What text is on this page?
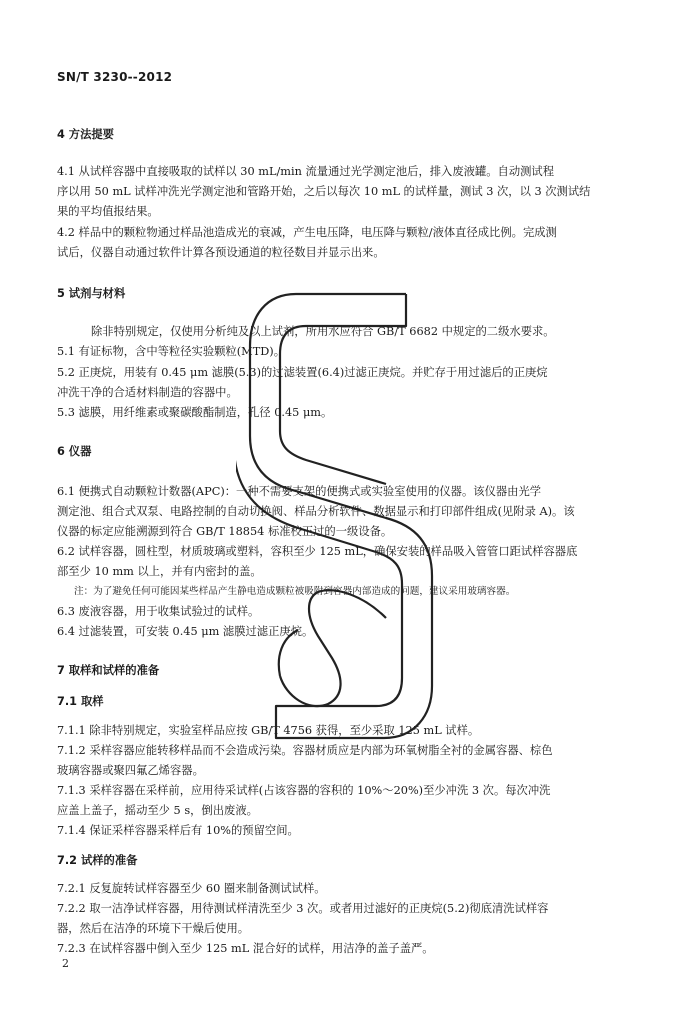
SN/T 3230--2012
4 方法提要
4.1 从试样容器中直接吸取的试样以 30 mL/min 流量通过光学测定池后，排入废液罐。自动测试程
序以用 50 mL 试样冲洗光学测定池和管路开始，之后以每次 10 mL 的试样量，测试 3 次，以 3 次测试结
果的平均值报结果。
4.2 样品中的颗粒物通过样品池造成光的衰减，产生电压降，电压降与颗粒/液体直径成比例。完成测
试后，仪器自动通过软件计算各预设通道的粒径数目并显示出来。
5 试剂与材料
除非特别规定，仅使用分析纯及以上试剂，所用水应符合 GB/T 6682 中规定的二级水要求。
5.1 有证标物，含中等粒径实验颗粒(MTD)。
5.2 正庚烷，用装有 0.45 μm 滤膜(5.3)的过滤装置(6.4)过滤正庚烷。并贮存于用过滤后的正庚烷
冲洗干净的合适材料制造的容器中。
5.3 滤膜，用纤维素或聚碳酸酯制造，孔径 0.45 μm。
6 仪器
6.1 便携式自动颗粒计数器(APC)：一种不需要支架的便携式或实验室使用的仪器。该仪器由光学
测定池、组合式双泵、电路控制的自动切换阀、样品分析软件、数据显示和打印部件组成(见附录 A)。该
仪器的标定应能溯源到符合 GB/T 18854 标准校正过的一级设备。
6.2 试样容器，圆柱型，材质玻璃或塑料，容积至少 125 mL，确保安装的样品吸入管管口距试样容器底
部至少 10 mm 以上，并有内密封的盖。
注：为了避免任何可能因某些样品产生静电造成颗粒被吸附到容器内部造成的问题，建议采用玻璃容器。
6.3 废液容器，用于收集试验过的试样。
6.4 过滤装置，可安装 0.45 μm 滤膜过滤正庚烷。
7 取样和试样的准备
7.1 取样
7.1.1 除非特别规定，实验室样品应按 GB/T 4756 获得，至少采取 125 mL 试样。
7.1.2 采样容器应能转移样品而不会造成污染。容器材质应是内部为环氧树脂全衬的金属容器、棕色
玻璃容器或聚四氟乙烯容器。
7.1.3 采样容器在采样前，应用待采试样(占该容器的容积的 10%～20%)至少冲洗 3 次。每次冲洗
应盖上盖子，摇动至少 5 s，倒出废液。
7.1.4 保证采样容器采样后有 10%的预留空间。
7.2 试样的准备
7.2.1 反复旋转试样容器至少 60 圈来制备测试试样。
7.2.2 取一洁净试样容器，用待测试样清洗至少 3 次。或者用过滤好的正庚烷(5.2)彻底清洗试样容
器，然后在洁净的环境下干燥后使用。
7.2.3 在试样容器中倒入至少 125 mL 混合好的试样，用洁净的盖子盖严。
2
